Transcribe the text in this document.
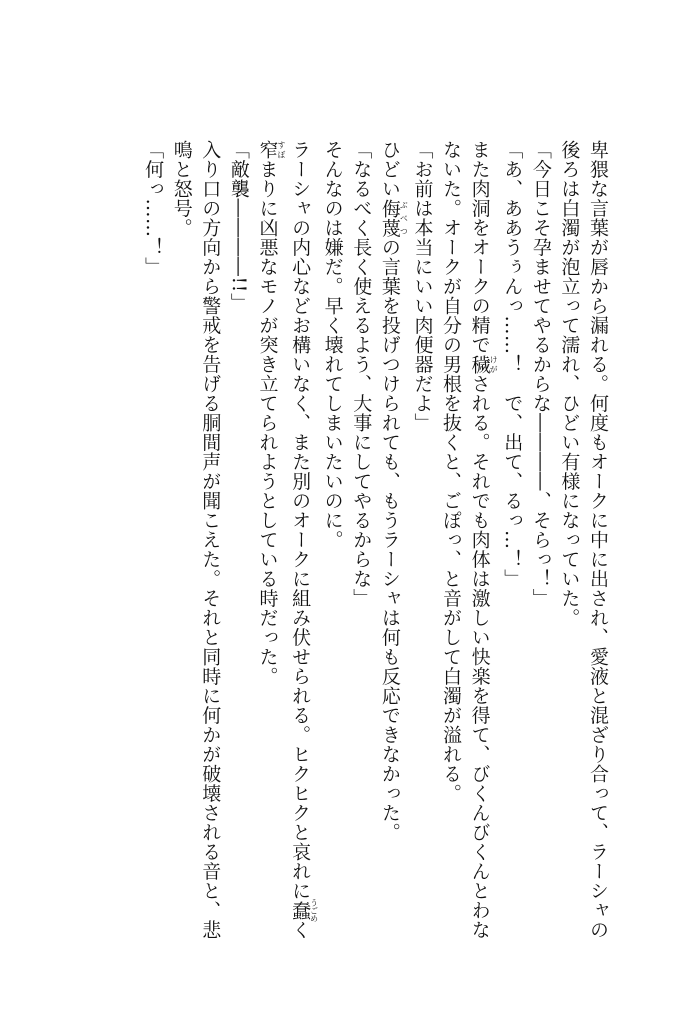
卑猥な言葉が唇から漏れる。何度もオークに中に出され、愛液と混ざり合って、ラーシャの
後ろは白濁が泡立って濡れ、ひどい有様になっていた。
「今日こそ孕ませてやるからな――――、そらっ！」
「あ、ああうぅんっ……！　で、出て、るっ…！」
また肉洞をオークの精で穢けがされる。それでも肉体は激しい快楽を得て、びくんびくんとわな
ないた。オークが自分の男根を抜くと、ごぽっ、と音がして白濁が溢れる。
「お前は本当にいい肉便器だよ」
ひどい侮蔑ぶべつの言葉を投げつけられても、もうラーシャは何も反応できなかった。
「なるべく長く使えるよう、大事にしてやるからな」
そんなのは嫌だ。早く壊れてしまいたいのに。
ラーシャの内心などお構いなく、また別のオークに組み伏せられる。ヒクヒクと哀れに蠢うごめく
窄すぼまりに凶悪なモノが突き立てられようとしている時だった。
「敵襲――――!!」
入り口の方向から警戒を告げる胴間声が聞こえた。それと同時に何かが破壊される音と、悲
鳴と怒号。
「何っ……！」
